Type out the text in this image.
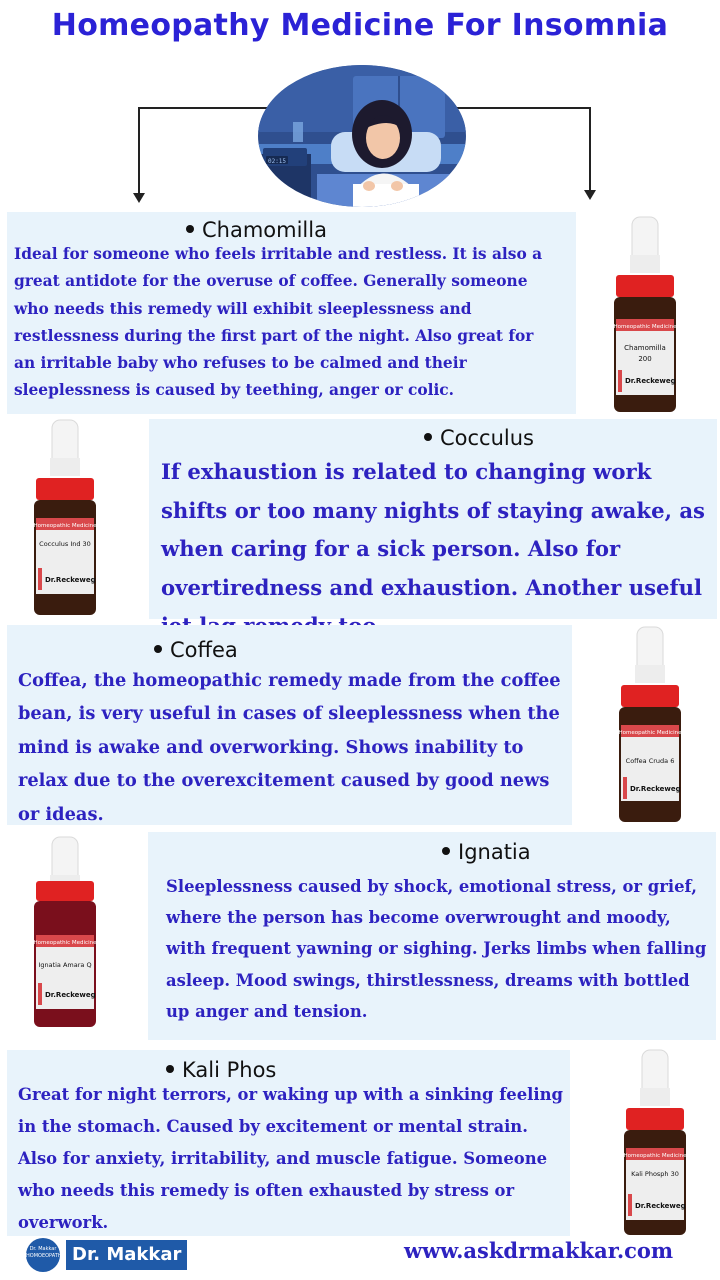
Homeopathy Medicine For Insomnia
02:15
Chamomilla
Ideal for someone who feels irritable and restless. It is also a great antidote for the overuse of coffee. Generally someone who needs this remedy will exhibit sleeplessness and restlessness during the first part of the night. Also great for an irritable baby who refuses to be calmed and their sleeplessness is caused by teething, anger or colic.
Cocculus
If exhaustion is related to changing work shifts or too many nights of staying awake, as when caring for a sick person. Also for overtiredness and exhaustion. Another useful
Coffea
Coffea, the homeopathic remedy made from the coffee bean, is very useful in cases of sleeplessness when the mind is awake and overworking. Shows inability to relax due to the overexcitement caused by good news or ideas.
Ignatia
Sleeplessness caused by shock, emotional stress, or grief, where the person has become overwrought and moody, with frequent yawning or sighing. Jerks limbs when falling asleep. Mood swings, thirstlessness, dreams with bottled up anger and tension.
Kali Phos
Great for night terrors, or waking up with a sinking feeling in the stomach. Caused by excitement or mental strain. Also for anxiety, irritability, and muscle fatigue. Someone who needs this remedy is often exhausted by stress or overwork.
Homeopathic Medicine
Chamomilla
200
Dr.Reckeweg
Homeopathic Medicine
Cocculus Ind 30
Dr.Reckeweg
Homeopathic Medicine
Coffea Cruda 6
Dr.Reckeweg
Homeopathic Medicine
Ignatia Amara Q
Dr.Reckeweg
Homeopathic Medicine
Kali Phosph 30
Dr.Reckeweg
Dr. Makkar HOMOEOPATHY Dr. Makkar	www.askdrmakkar.com
